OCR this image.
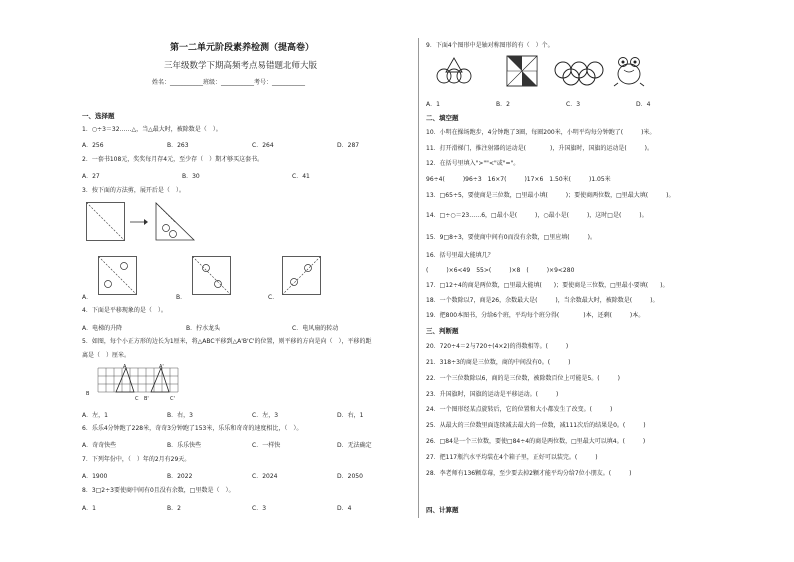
第一二单元阶段素养检测（提高卷）
三年级数学下期高频考点易错题北师大版
姓名：___________班级：___________考号：___________
一、选择题
1．○÷3＝32……△，当△最大时，被除数是（　）。
A．256	B．263	C．264	D．287
2．一套书108元，奖奖每月存4元，至少存（　）期才够买这套书。
A．27	B．30	C．41
3．按下面的方法剪，展开后是（　）。
A．	B．	C．
4．下面是平移现象的是（　）。
A．电梯的升降	B．拧水龙头	C．电风扇的转动
5．如图，每个小正方形的边长为1厘米，将△ABC平移到△A'B'C'的位置，则平移的方向是向（　），平移的距
离是（　）厘米。
A	A'
B
C B'	C'
A．左，1	B．右，3	C．左，3	D．右，1
6．乐乐4分钟跑了228米，奇奇3分钟跑了153米，乐乐和奇奇的速度相比，（　）。
A．奇奇快些	B．乐乐快些	C．一样快	D．无法确定
7．下列年份中，（　）年的2月有29天。
A．1900	B．2022	C．2024	D．2050
8．3□2÷3要使商中间有0且没有余数，□里数是（　）。
A．1	B．2	C．3	D．4
9．下面4个图形中是轴对称图形的有（　）个。
A．1	B．2	C．3	D．4
二、填空题
10．小明在操场跑步，4分钟跑了3圈，每圈200米，小明平均每分钟跑了(　　　)米。
11．打开滑梯门，推注射器的运动是(　　　　)，升国旗时，国旗的运动是(　　　)。
12．在括号里填入">""<"或"="。
96÷4(　　　)96÷3　16×7(　　　)17×6　1.50米(　　　)1.05米
13．□65÷5，要使商是三位数，□里最小填(　　　)；要使商两位数，□里最大填(　　　)。
14．□÷○＝23……6，□最小是(　　　)，○最小是(　　　)，这时□是(　　　)。
15．9□8÷3，要使商中间有0而没有余数，□里应填(　　　)。
16．括号里最大能填几？
(　　　)×6<49　55>(　　　)×8　(　　　)×9<280
17．□12÷4的商是两位数，□里最大能填(　　)；要使商是三位数，□里最小要填(　　)。
18．一个数除以7，商是26，余数最大是(　　　)，当余数最大时，被除数是(　　　)。
19．把800本图书，分给6个班，平均每个班分得(　　　　)本，还剩(　　　)本。
三、判断题
20．720÷4＝2与720÷(4×2)的得数相等。(　　　)
21．318÷3的商是三位数，商的中间没有0。(　　　)
22．一个三位数除以6，商的是三位数，被除数百位上可能是5。(　　　)
23．升国旗时，国旗的运动是平移运动。(　　　)
24．一个图形经某点旋转后，它的位置和大小都发生了改变。(　　　)
25．从最大的三位数里面连续减去最大的一位数，减111次后的结果是0。(　　　)
26．□84是一个三位数，要使□84÷4的商是两位数，□里最大可以填4。(　　　)
27．把117瓶汽水平均装在4个箱子里，正好可以装完。(　　　)
28．李老师有136颗草莓，至少要去掉2颗才能平均分给7位小朋友。(　　　)
四、计算题
